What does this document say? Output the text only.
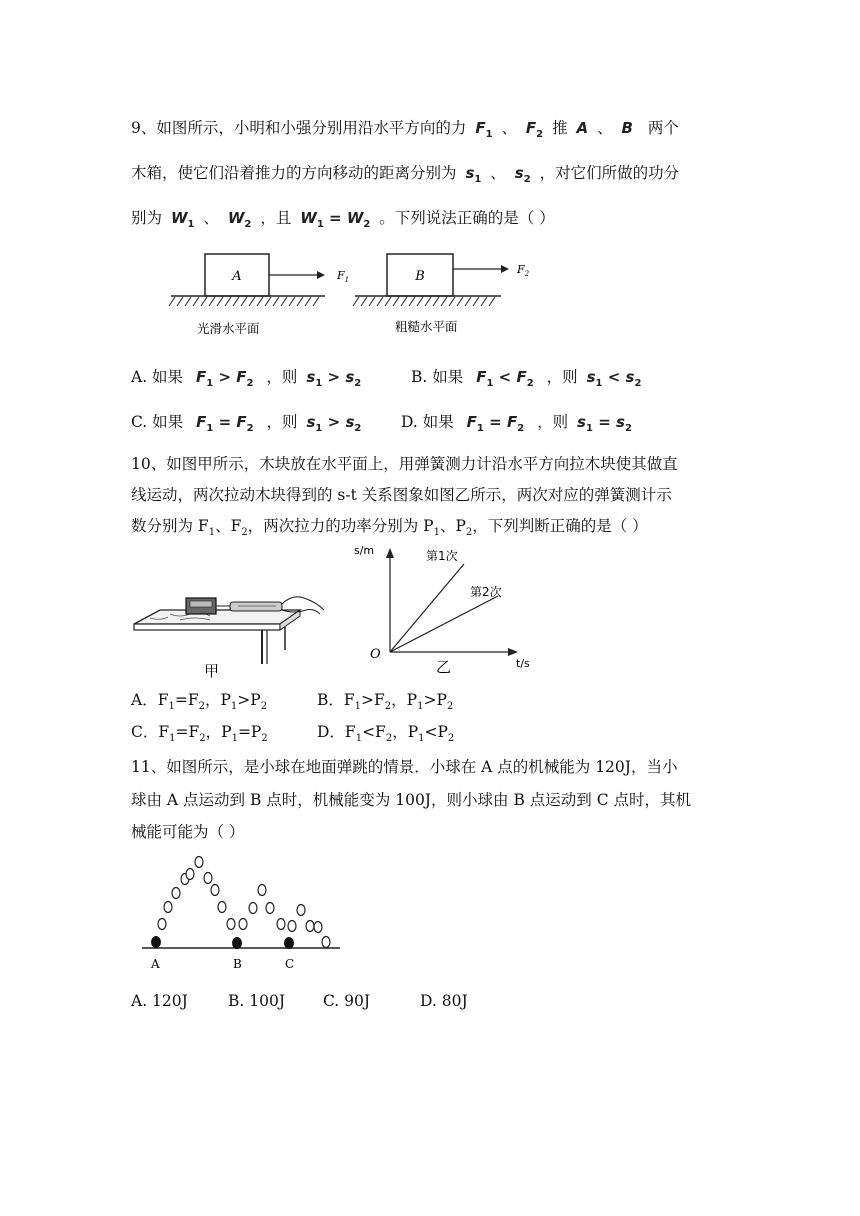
9、如图所示，小明和小强分别用沿水平方向的力 $F_1$ 、 $F_2$ 推 A 、 B 两个
木箱，使它们沿着推力的方向移动的距离分别为 $s_1$ 、 $s_2$ ，对它们所做的功分
别为 $W_1$ 、 $W_2$ ，且 $W_1 = W_2$ 。下列说法正确的是（ ）
A	$F_1$
光滑水平面
B	$F_2$
粗糙水平面
A. 如果 $F_1 > F_2$ ，则 $s_1 > s_2$	B. 如果 $F_1 < F_2$ ，则 $s_1 < s_2$
C. 如果 $F_1 = F_2$ ，则 $s_1 > s_2$	D. 如果 $F_1 = F_2$ ，则 $s_1 = s_2$
10、如图甲所示，木块放在水平面上，用弹簧测力计沿水平方向拉木块使其做直
线运动，两次拉动木块得到的 s-t 关系图象如图乙所示，两次对应的弹簧测计示
数分别为 $F_1$、$F_2$，两次拉力的功率分别为 $P_1$、$P_2$，下列判断正确的是（ ）
甲
s/m
t/s
O
第1次
第2次
乙
A．$F_1=F_2$，$P_1>P_2$	B．$F_1>F_2$，$P_1>P_2$
C．$F_1=F_2$，$P_1=P_2$	D．$F_1<F_2$，$P_1<P_2$
11、如图所示，是小球在地面弹跳的情景．小球在 A 点的机械能为 120J，当小
球由 A 点运动到 B 点时，机械能变为 100J，则小球由 B 点运动到 C 点时，其机
械能可能为（ ）
A	B	C
A. 120J	B. 100J C. 90J	D. 80J
